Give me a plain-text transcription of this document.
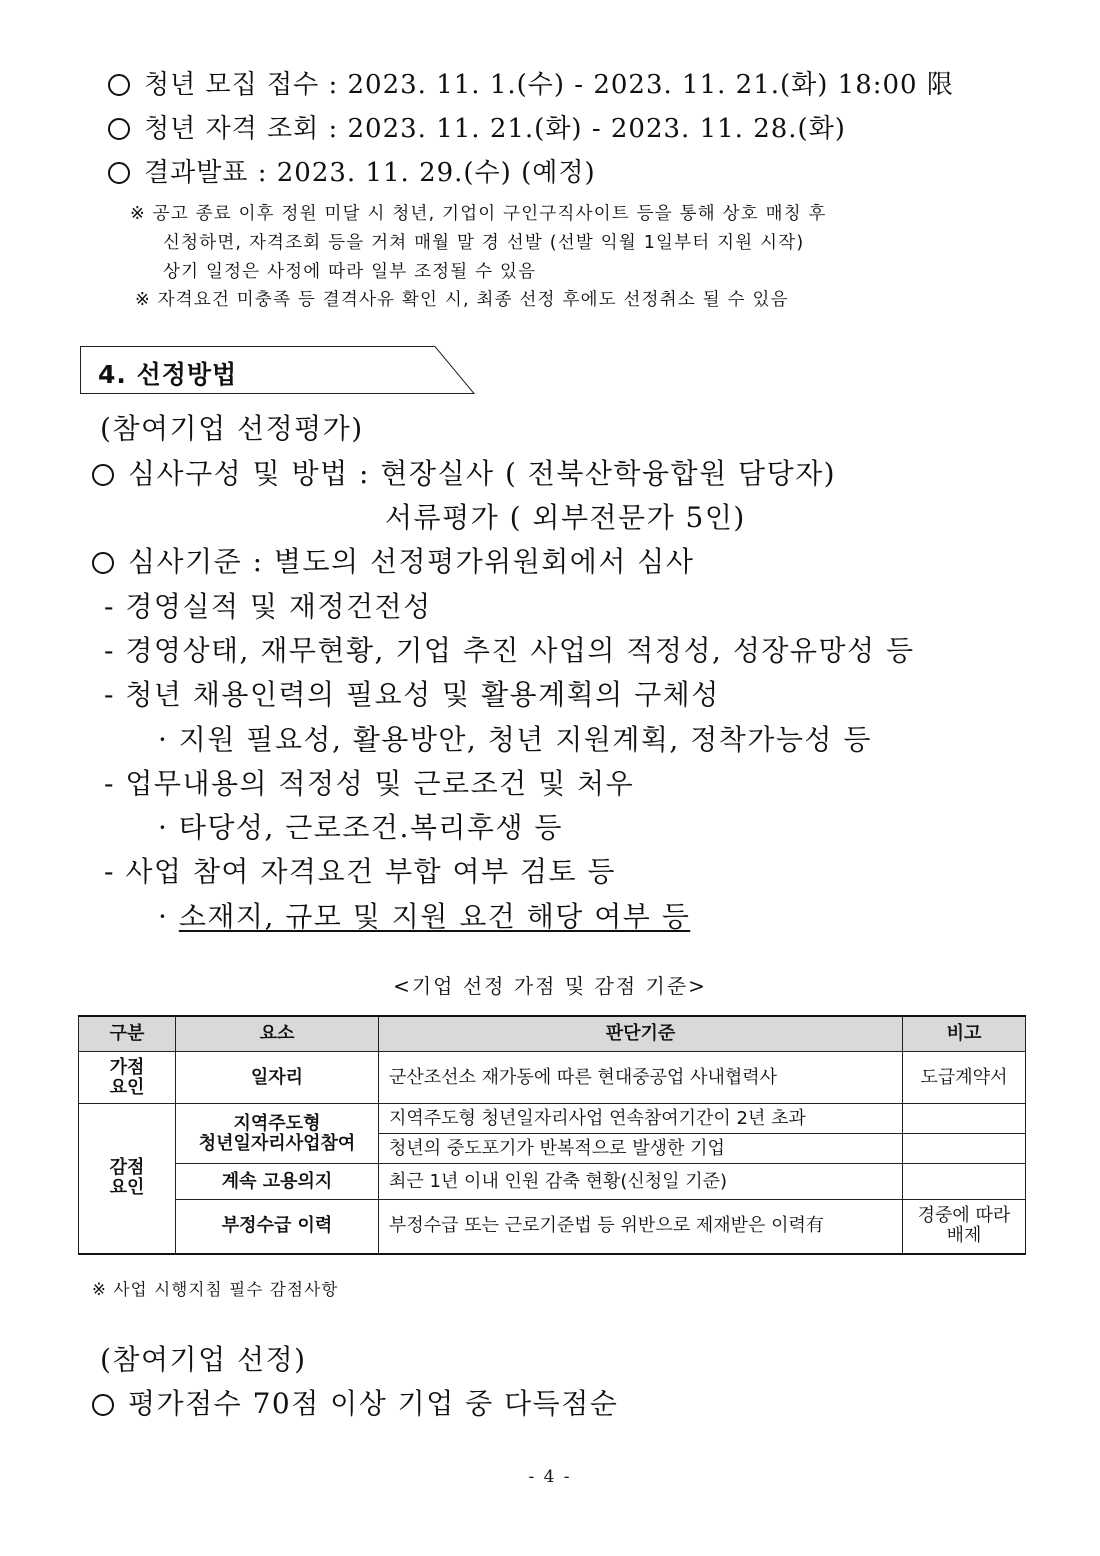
청년 모집 접수 : 2023. 11. 1.(수) - 2023. 11. 21.(화) 18:00 限
청년 자격 조회 : 2023. 11. 21.(화) - 2023. 11. 28.(화)
결과발표 : 2023. 11. 29.(수) (예정)
※ 공고 종료 이후 정원 미달 시 청년, 기업이 구인구직사이트 등을 통해 상호 매칭 후
신청하면, 자격조회 등을 거쳐 매월 말 경 선발 (선발 익월 1일부터 지원 시작)
상기 일정은 사정에 따라 일부 조정될 수 있음
※ 자격요건 미충족 등 결격사유 확인 시, 최종 선정 후에도 선정취소 될 수 있음
4. 선정방법
(참여기업 선정평가)
심사구성 및 방법 : 현장실사 ( 전북산학융합원 담당자)
서류평가 ( 외부전문가 5인)
심사기준 : 별도의 선정평가위원회에서 심사
- 경영실적 및 재정건전성
- 경영상태, 재무현황, 기업 추진 사업의 적정성, 성장유망성 등
- 청년 채용인력의 필요성 및 활용계획의 구체성
· 지원 필요성, 활용방안, 청년 지원계획, 정착가능성 등
- 업무내용의 적정성 및 근로조건 및 처우
· 타당성, 근로조건.복리후생 등
- 사업 참여 자격요건 부합 여부 검토 등
· 소재지, 규모 및 지원 요건 해당 여부 등
<기업 선정 가점 및 감점 기준>
구분	요소	판단기준	비고
가점
요인	일자리	군산조선소 재가동에 따른 현대중공업 사내협력사	도급계약서
감점
요인	지역주도형
청년일자리사업참여	지역주도형 청년일자리사업 연속참여기간이 2년 초과	
		청년의 중도포기가 반복적으로 발생한 기업	
	계속 고용의지	최근 1년 이내 인원 감축 현황(신청일 기준)	
	부정수급 이력	부정수급 또는 근로기준법 등 위반으로 제재받은 이력有	경중에 따라
배제
※ 사업 시행지침 필수 감점사항
(참여기업 선정)
평가점수 70점 이상 기업 중 다득점순
- 4 -
